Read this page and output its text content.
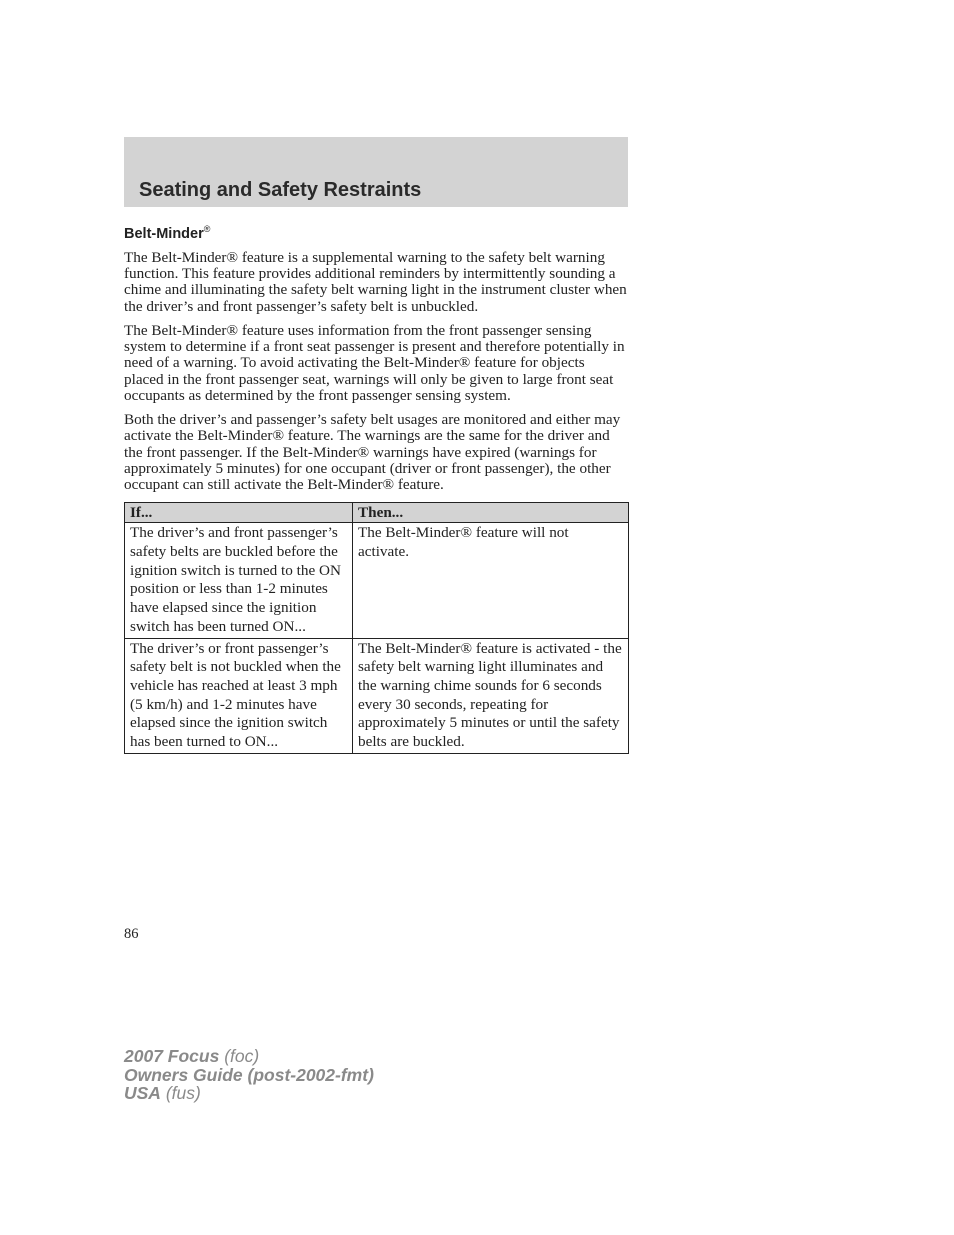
Seating and Safety Restraints
Belt-Minder®

The Belt-Minder® feature is a supplemental warning to the safety belt warning function. This feature provides additional reminders by intermittently sounding a chime and illuminating the safety belt warning light in the instrument cluster when the driver’s and front passenger’s safety belt is unbuckled.

The Belt-Minder® feature uses information from the front passenger sensing system to determine if a front seat passenger is present and therefore potentially in need of a warning. To avoid activating the Belt-Minder® feature for objects placed in the front passenger seat, warnings will only be given to large front seat occupants as determined by the front passenger sensing system.

Both the driver’s and passenger’s safety belt usages are monitored and either may activate the Belt-Minder® feature. The warnings are the same for the driver and the front passenger. If the Belt-Minder® warnings have expired (warnings for approximately 5 minutes) for one occupant (driver or front passenger), the other occupant can still activate the Belt-Minder® feature.

If...	Then...
The driver’s and front passenger’s safety belts are buckled before the ignition switch is turned to the ON position or less than 1-2 minutes have elapsed since the ignition switch has been turned ON...	The Belt-Minder® feature will not activate.
The driver’s or front passenger’s safety belt is not buckled when the vehicle has reached at least 3 mph (5 km/h) and 1-2 minutes have elapsed since the ignition switch has been turned to ON...	The Belt-Minder® feature is activated - the safety belt warning light illuminates and the warning chime sounds for 6 seconds every 30 seconds, repeating for approximately 5 minutes or until the safety belts are buckled.
86
2007 Focus (foc)
Owners Guide (post-2002-fmt)
USA (fus)
